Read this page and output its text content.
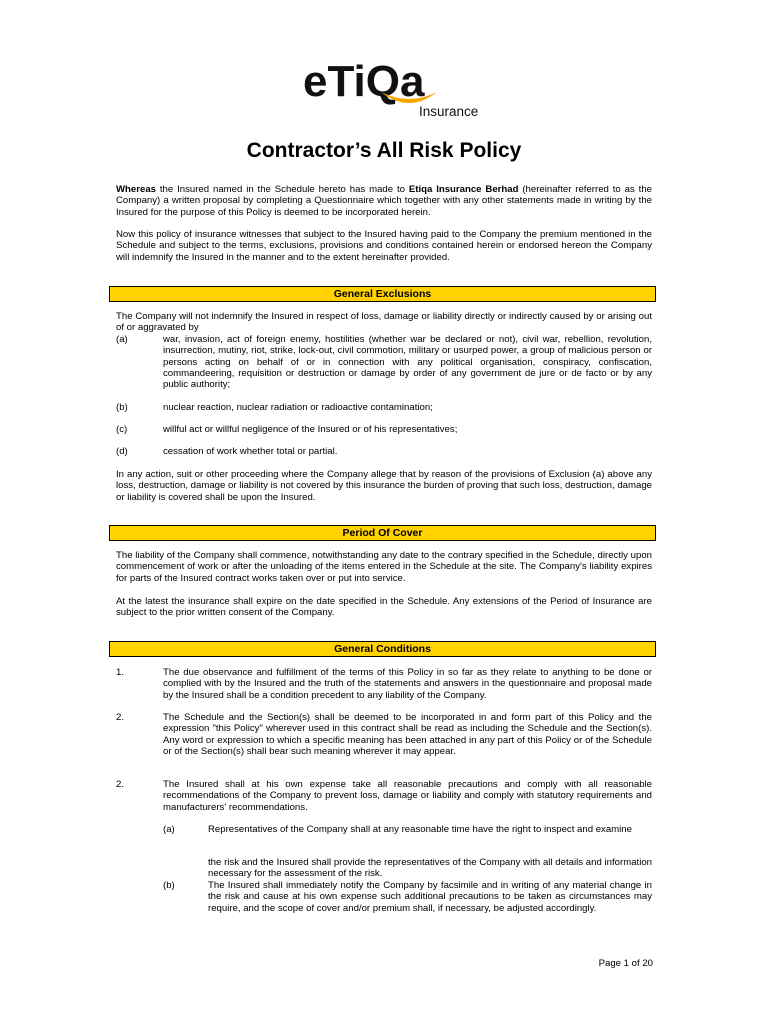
eTiQa
Insurance
Contractor’s All Risk Policy
Whereas the Insured named in the Schedule hereto has made to Etiqa Insurance Berhad (hereinafter referred to as the Company) a written proposal by completing a Questionnaire which together with any other statements made in writing by the Insured for the purpose of this Policy is deemed to be incorporated herein.
Now this policy of insurance witnesses that subject to the Insured having paid to the Company the premium mentioned in the Schedule and subject to the terms, exclusions, provisions and conditions contained herein or endorsed hereon the Company will indemnify the Insured in the manner and to the extent hereinafter provided.
General Exclusions
The Company will not indemnify the Insured in respect of loss, damage or liability directly or indirectly caused by or arising out of or aggravated by
(a)	war, invasion, act of foreign enemy, hostilities (whether war be declared or not), civil war, rebellion, revolution, insurrection, mutiny, riot, strike, lock-out, civil commotion, military or usurped power, a group of malicious person or persons acting on behalf of or in connection with any political organisation, conspiracy, confiscation, commandeering, requisition or destruction or damage by order of any government de jure or de facto or by any public authority;
(b)	nuclear reaction, nuclear radiation or radioactive contamination;
(c)	willful act or willful negligence of the Insured or of his representatives;
(d)	cessation of work whether total or partial.
In any action, suit or other proceeding where the Company allege that by reason of the provisions of Exclusion (a) above any loss, destruction, damage or liability is not covered by this insurance the burden of proving that such loss, destruction, damage or liability is covered shall be upon the Insured.
Period Of Cover
The liability of the Company shall commence, notwithstanding any date to the contrary specified in the Schedule, directly upon commencement of work or after the unloading of the items entered in the Schedule at the site. The Company's liability expires for parts of the Insured contract works taken over or put into service.
At the latest the insurance shall expire on the date specified in the Schedule. Any extensions of the Period of Insurance are subject to the prior written consent of the Company.
General Conditions
1.	The due observance and fulfillment of the terms of this Policy in so far as they relate to anything to be done or complied with by the Insured and the truth of the statements and answers in the questionnaire and proposal made by the Insured shall be a condition precedent to any liability of the Company.
2.	The Schedule and the Section(s) shall be deemed to be incorporated in and form part of this Policy and the expression "this Policy" wherever used in this contract shall be read as including the Schedule and the Section(s). Any word or expression to which a specific meaning has been attached in any part of this Policy or of the Schedule or of the Section(s) shall bear such meaning wherever it may appear.
2.	The Insured shall at his own expense take all reasonable precautions and comply with all reasonable recommendations of the Company to prevent loss, damage or liability and comply with statutory requirements and manufacturers' recommendations.
(a)	Representatives of the Company shall at any reasonable time have the right to inspect and examine
the risk and the Insured shall provide the representatives of the Company with all details and information necessary for the assessment of the risk.
(b)	The Insured shall immediately notify the Company by facsimile and in writing of any material change in the risk and cause at his own expense such additional precautions to be taken as circumstances may require, and the scope of cover and/or premium shall, if necessary, be adjusted accordingly.
Page 1 of 20
